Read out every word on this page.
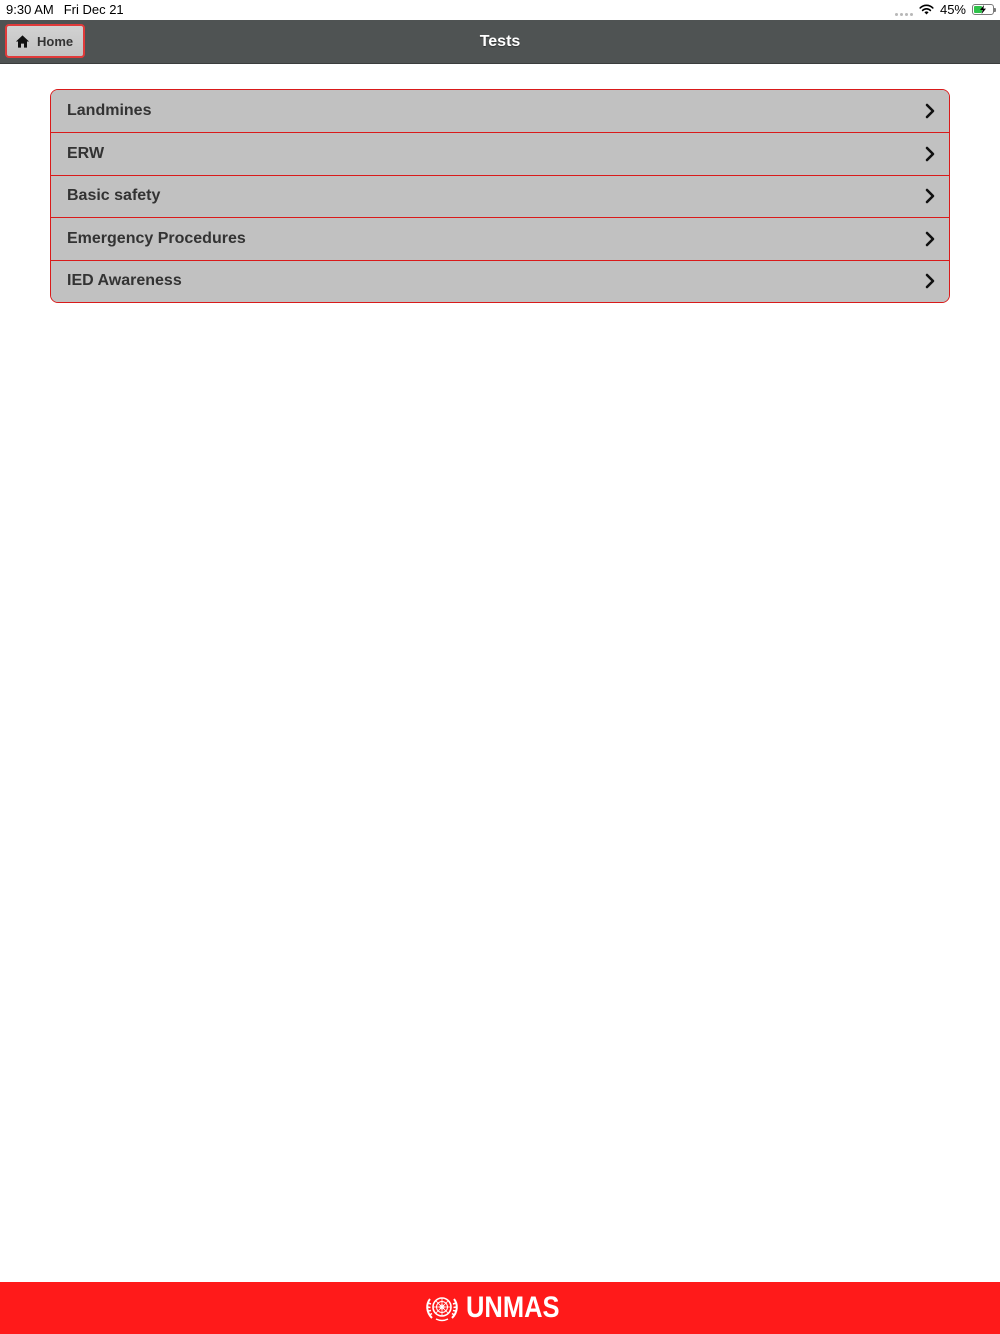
9:30 AM Fri Dec 21	45%
Tests
Home
Landmines
ERW
Basic safety
Emergency Procedures
IED Awareness
UNMAS
